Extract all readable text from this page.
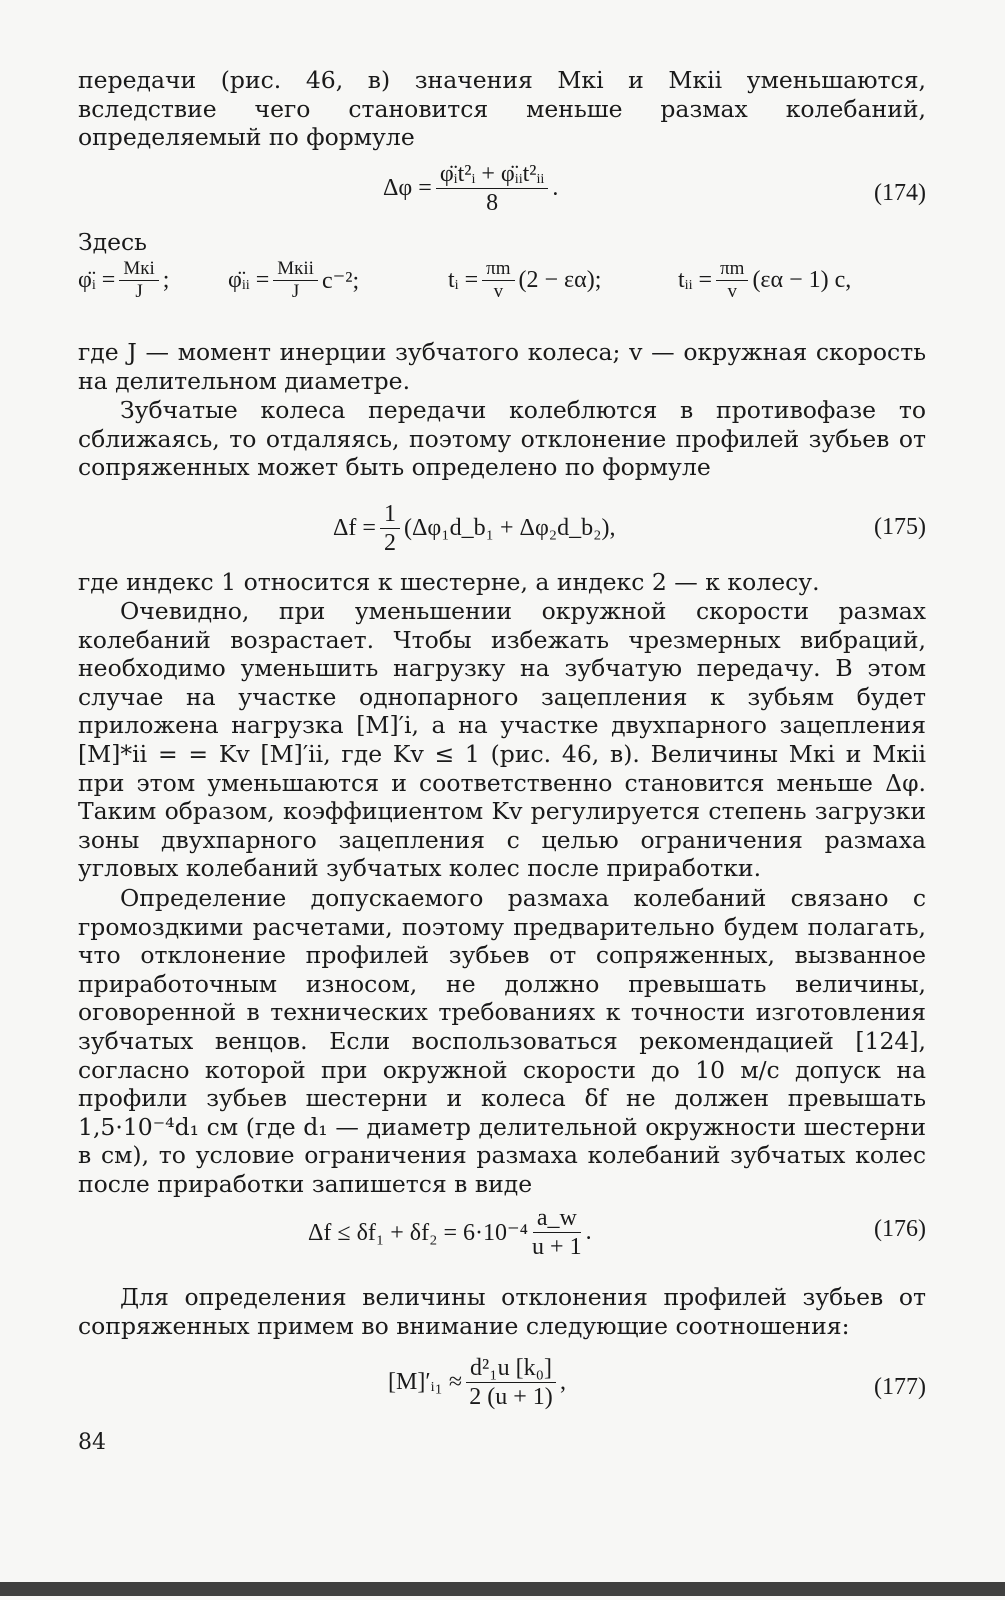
передачи (рис. 46, в) значения Mкi и Mкii уменьшаются, вследствие чего становится меньше размах колебаний, определяемый по формуле

$\Delta\varphi = \frac{\text{φ̈ᵢt²ᵢ + φ̈ᵢᵢt²ᵢᵢ}}{8}$ .	(174)
Здесь
φ̈ᵢ = $\frac{\text{Mкi}}{J}$ ; φ̈ᵢᵢ = $\frac{\text{Mкii}}{J} c^{-2}$;	tᵢ = $\frac{\pi m}{v} (2 - \varepsilon\alpha)$;	tᵢᵢ = $\frac{\pi m}{v} (\varepsilon\alpha - 1)$ c,

где J — момент инерции зубчатого колеса; v — окружная скорость на делительном диаметре.

Зубчатые колеса передачи колеблются в противофазе то сближаясь, то отдаляясь, поэтому отклонение профилей зубьев от сопряженных может быть определено по формуле

$\Delta f = \frac{1}{2}$ (Δφ₁d_b₁ + Δφ₂d_b₂),	(175)

где индекс 1 относится к шестерне, а индекс 2 — к колесу.

Очевидно, при уменьшении окружной скорости размах колебаний возрастает. Чтобы избежать чрезмерных вибраций, необходимо уменьшить нагрузку на зубчатую передачу. В этом случае на участке однопарного зацепления к зубьям будет приложена нагрузка [M]′i, а на участке двухпарного зацепления [M]*ii = = Kv [M]′ii, где Kv ≤ 1 (рис. 46, в). Величины Mкi и Mкii при этом уменьшаются и соответственно становится меньше Δφ. Таким образом, коэффициентом Kv регулируется степень загрузки зоны двухпарного зацепления с целью ограничения размаха угловых колебаний зубчатых колес после приработки.

Определение допускаемого размаха колебаний связано с громоздкими расчетами, поэтому предварительно будем полагать, что отклонение профилей зубьев от сопряженных, вызванное приработочным износом, не должно превышать величины, оговоренной в технических требованиях к точности изготовления зубчатых венцов. Если воспользоваться рекомендацией [124], согласно которой при окружной скорости до 10 м/с допуск на профили зубьев шестерни и колеса δf не должен превышать 1,5·10⁻⁴d₁ см (где d₁ — диаметр делительной окружности шестерни в см), то условие ограничения размаха колебаний зубчатых колес после приработки запишется в виде

$\Delta f \le \delta f_1 + \delta f_2 = 6\cdot 10^{-4} \frac{a\_w}{u + 1}$ .	(176)

Для определения величины отклонения профилей зубьев от сопряженных примем во внимание следующие соотношения:

[M]′ᵢ₁ ≈ $\frac{\text{d²₁u [k₀]}}{2 (u + 1)}$ ,	(177)
84
